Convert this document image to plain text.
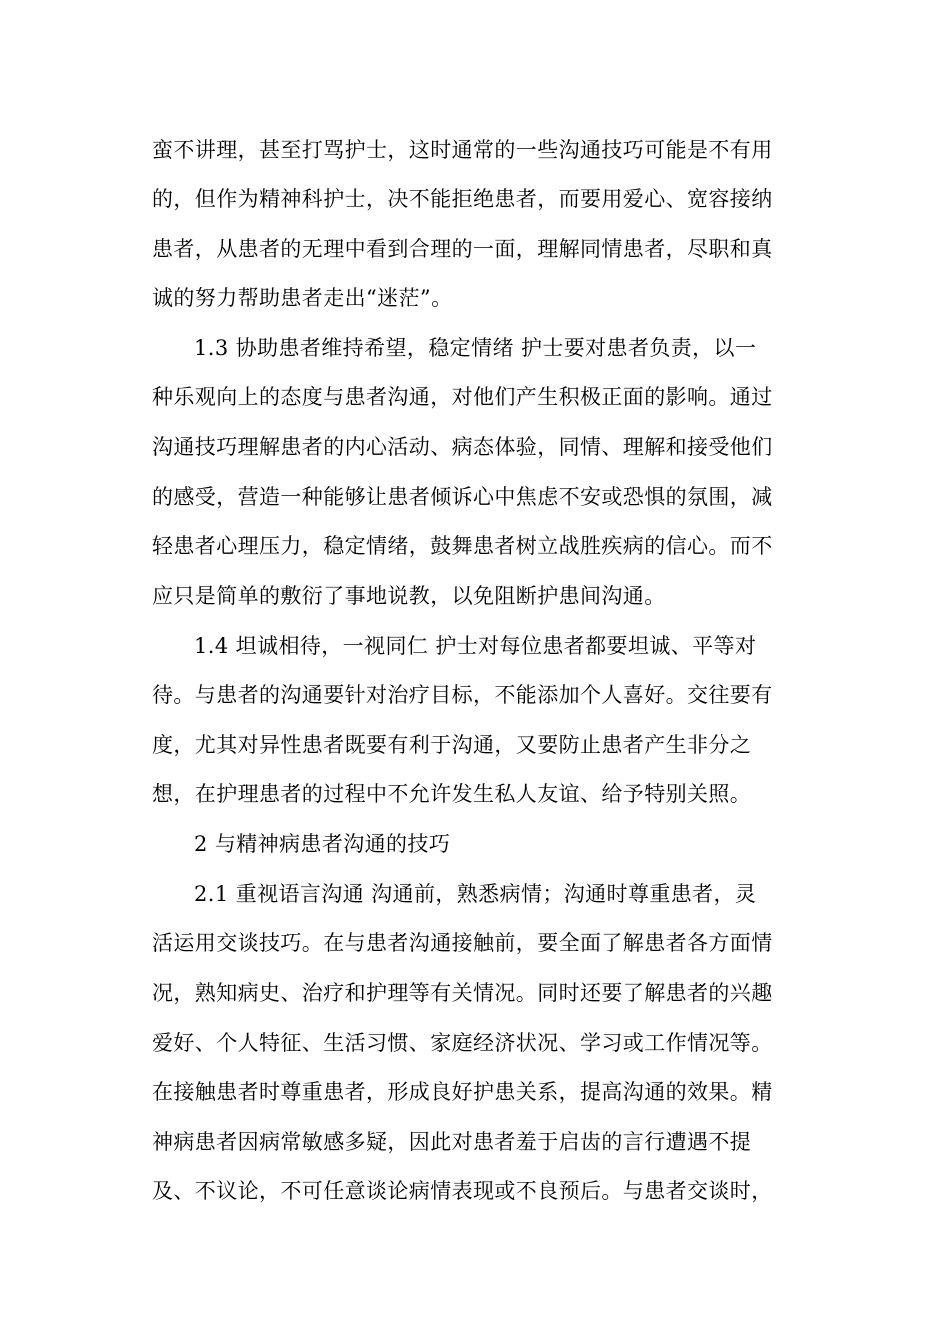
蛮不讲理，甚至打骂护士，这时通常的一些沟通技巧可能是不有用
的，但作为精神科护士，决不能拒绝患者，而要用爱心、宽容接纳
患者，从患者的无理中看到合理的一面，理解同情患者，尽职和真
诚的努力帮助患者走出“迷茫”。
1.3 协助患者维持希望，稳定情绪 护士要对患者负责，以一
种乐观向上的态度与患者沟通，对他们产生积极正面的影响。通过
沟通技巧理解患者的内心活动、病态体验，同情、理解和接受他们
的感受，营造一种能够让患者倾诉心中焦虑不安或恐惧的氛围，减
轻患者心理压力，稳定情绪，鼓舞患者树立战胜疾病的信心。而不
应只是简单的敷衍了事地说教，以免阻断护患间沟通。
1.4 坦诚相待，一视同仁 护士对每位患者都要坦诚、平等对
待。与患者的沟通要针对治疗目标，不能添加个人喜好。交往要有
度，尤其对异性患者既要有利于沟通，又要防止患者产生非分之
想，在护理患者的过程中不允许发生私人友谊、给予特别关照。
2 与精神病患者沟通的技巧
2.1 重视语言沟通 沟通前，熟悉病情；沟通时尊重患者，灵
活运用交谈技巧。在与患者沟通接触前，要全面了解患者各方面情
况，熟知病史、治疗和护理等有关情况。同时还要了解患者的兴趣
爱好、个人特征、生活习惯、家庭经济状况、学习或工作情况等。
在接触患者时尊重患者，形成良好护患关系，提高沟通的效果。精
神病患者因病常敏感多疑，因此对患者羞于启齿的言行遭遇不提
及、不议论，不可任意谈论病情表现或不良预后。与患者交谈时，
